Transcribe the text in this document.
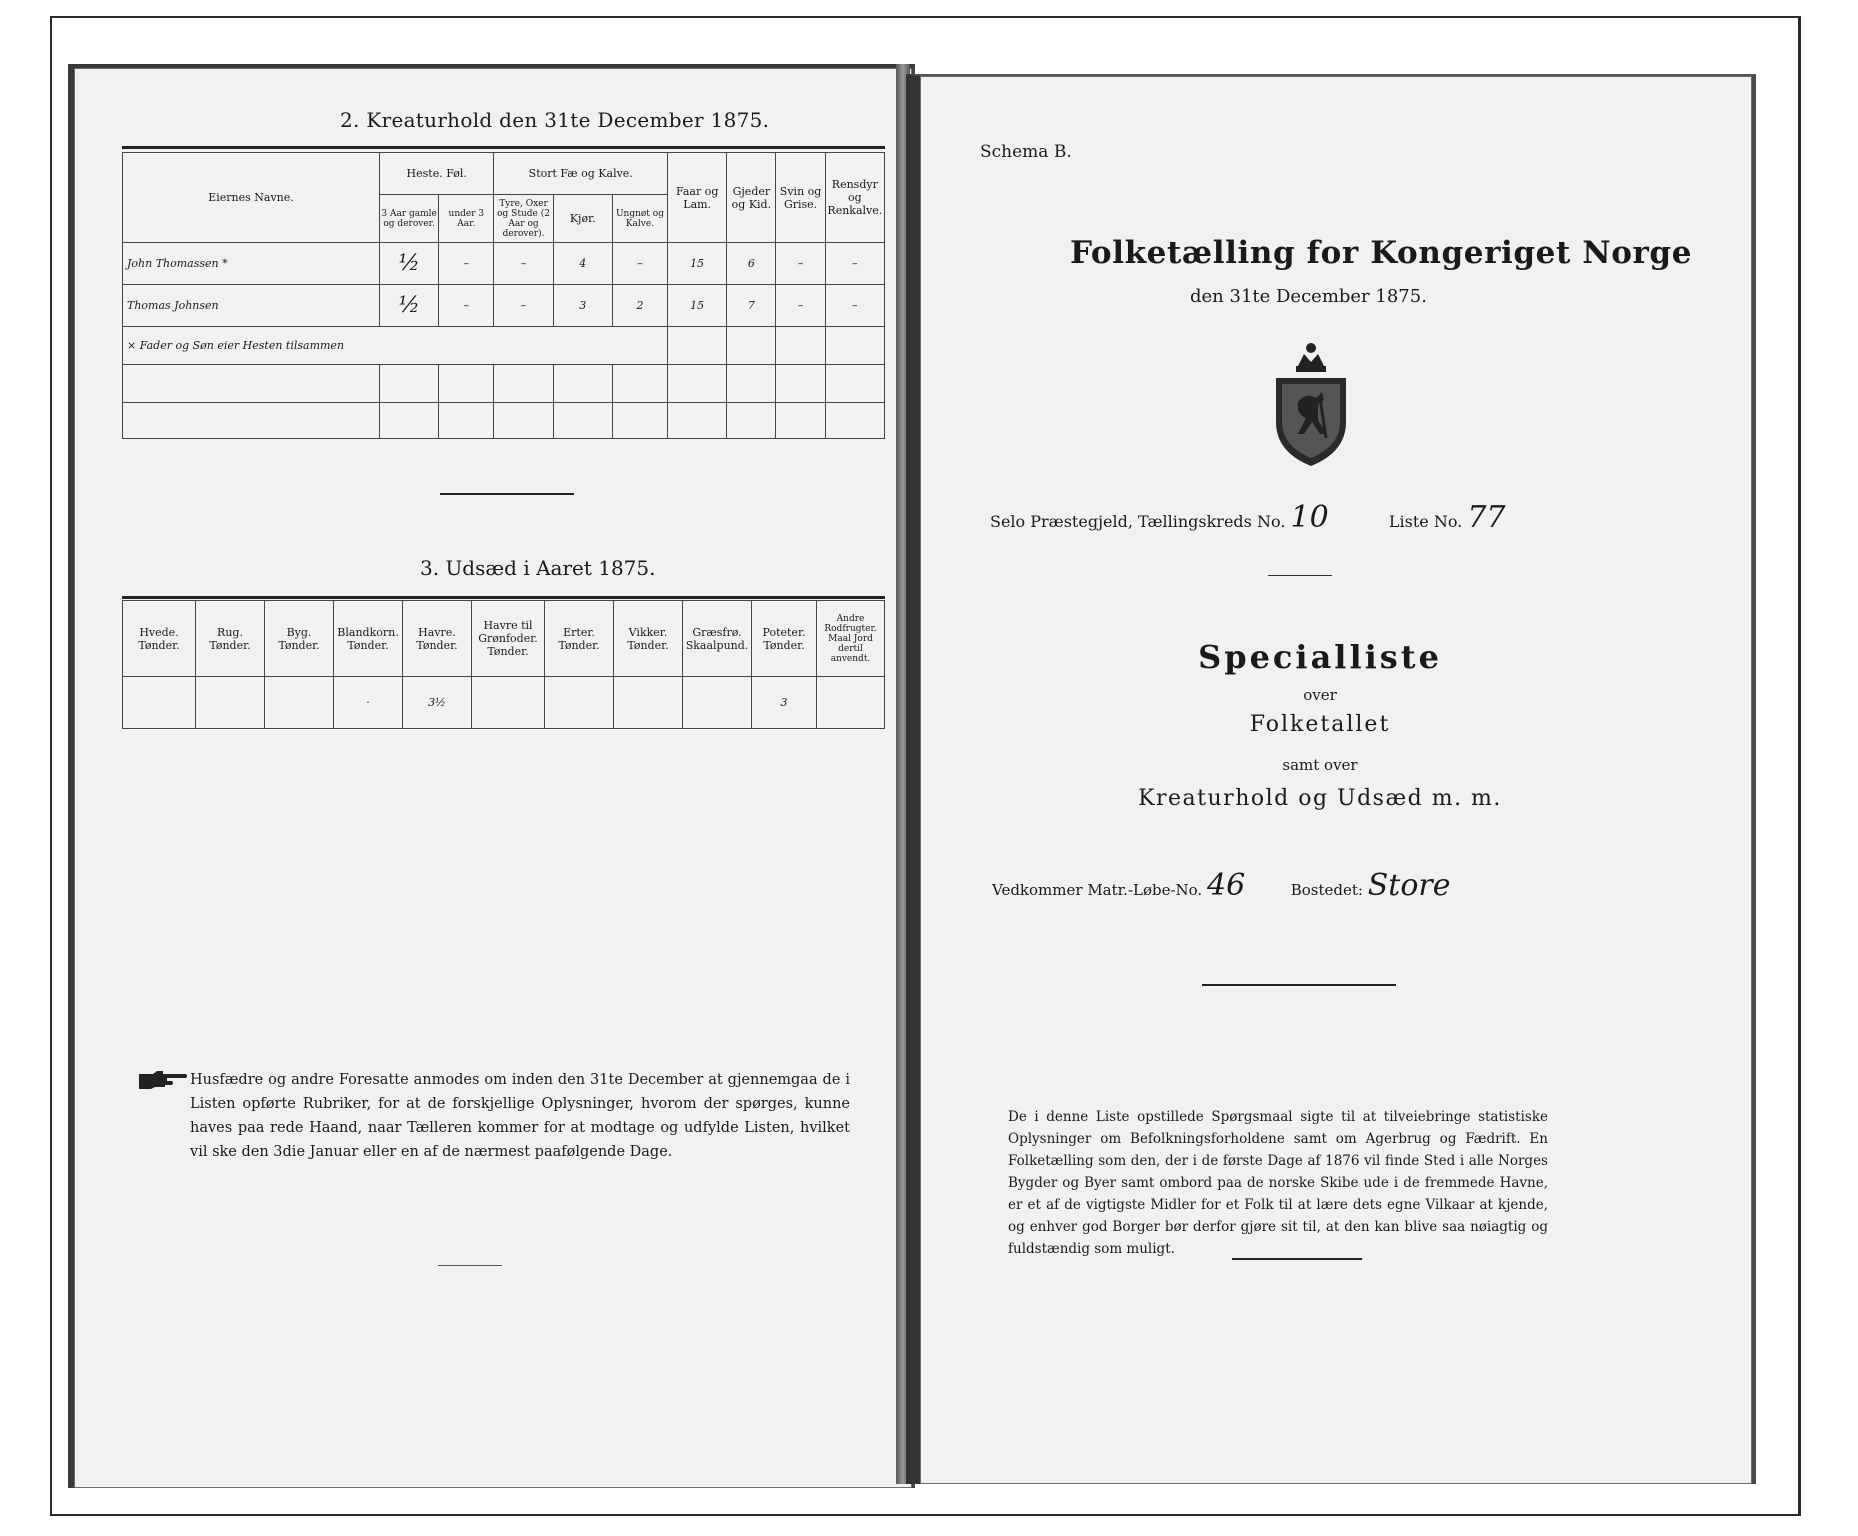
2. Kreaturhold den 31te December 1875.
Eiernes Navne.	Heste. Føl.		Stort Fæ og Kalve.			Faar og Lam.	Gjeder og Kid.	Svin og Grise.	Rensdyr og Renkalve.
	3 Aar gamle og derover.	under 3 Aar.	Tyre, Oxer og Stude (2 Aar og derover).	Kjør.	Ungnøt og Kalve.				
John Thomassen *	½	–	–	4	–	15	6	–	–
Thomas Johnsen	½	–	–	3	2	15	7	–	–
× Fader og Søn eier Hesten tilsammen									

3. Udsæd i Aaret 1875.
Hvede. Tønder.	Rug. Tønder.	Byg. Tønder.	Blandkorn. Tønder.	Havre. Tønder.	Havre til Grønfoder. Tønder.	Erter. Tønder.	Vikker. Tønder.	Græsfrø. Skaalpund.	Poteter. Tønder.	Andre Rodfrugter. Maal Jord dertil anvendt.
			·	3½					3	
Husfædre og andre Foresatte anmodes om inden den 31te December at gjennemgaa de i Listen opførte Rubriker, for at de forskjellige Oplysninger, hvorom der spørges, kunne haves paa rede Haand, naar Tælleren kommer for at modtage og udfylde Listen, hvilket vil ske den 3die Januar eller en af de nærmest paafølgende Dage.
Schema B.
Folketælling for Kongeriget Norge
den 31te December 1875.
Selo Præstegjeld, Tællingskreds No. 10	Liste No. 77
Specialliste
over
Folketallet
samt over
Kreaturhold og Udsæd m. m.
Vedkommer Matr.-Løbe-No. 46	Bostedet: Store
De i denne Liste opstillede Spørgsmaal sigte til at tilveiebringe statistiske Oplysninger om Befolkningsforholdene samt om Agerbrug og Fædrift. En Folketælling som den, der i de første Dage af 1876 vil finde Sted i alle Norges Bygder og Byer samt ombord paa de norske Skibe ude i de fremmede Havne, er et af de vigtigste Midler for et Folk til at lære dets egne Vilkaar at kjende, og enhver god Borger bør derfor gjøre sit til, at den kan blive saa nøiagtig og fuldstændig som muligt.
